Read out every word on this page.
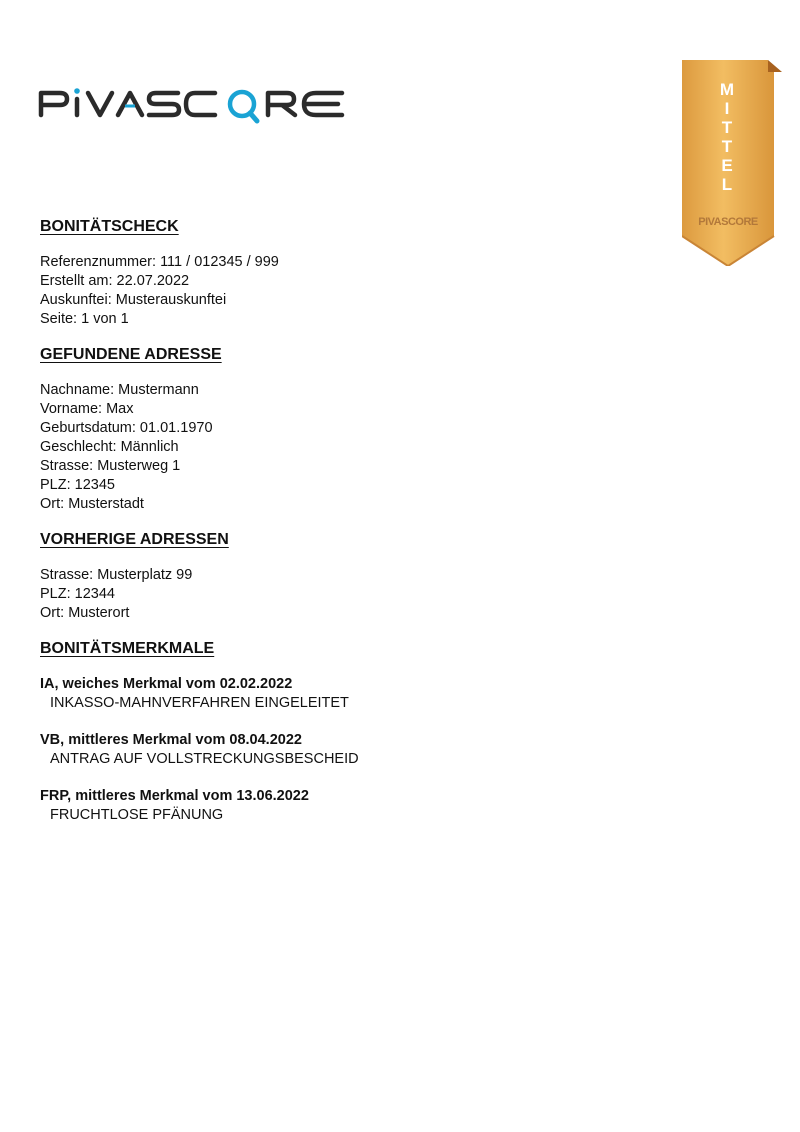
M
I
T
T
E
L
PIVASCORE
BONITÄTSCHECK
Referenznummer: 111 / 012345 / 999
Erstellt am: 22.07.2022
Auskunftei: Musterauskunftei
Seite: 1 von 1
GEFUNDENE ADRESSE
Nachname: Mustermann
Vorname: Max
Geburtsdatum: 01.01.1970
Geschlecht: Männlich
Strasse: Musterweg 1
PLZ: 12345
Ort: Musterstadt
VORHERIGE ADRESSEN
Strasse: Musterplatz 99
PLZ: 12344
Ort: Musterort
BONITÄTSMERKMALE
IA, weiches Merkmal vom 02.02.2022
INKASSO-MAHNVERFAHREN EINGELEITET
VB, mittleres Merkmal vom 08.04.2022
ANTRAG AUF VOLLSTRECKUNGSBESCHEID
FRP, mittleres Merkmal vom 13.06.2022
FRUCHTLOSE PFÄNUNG
